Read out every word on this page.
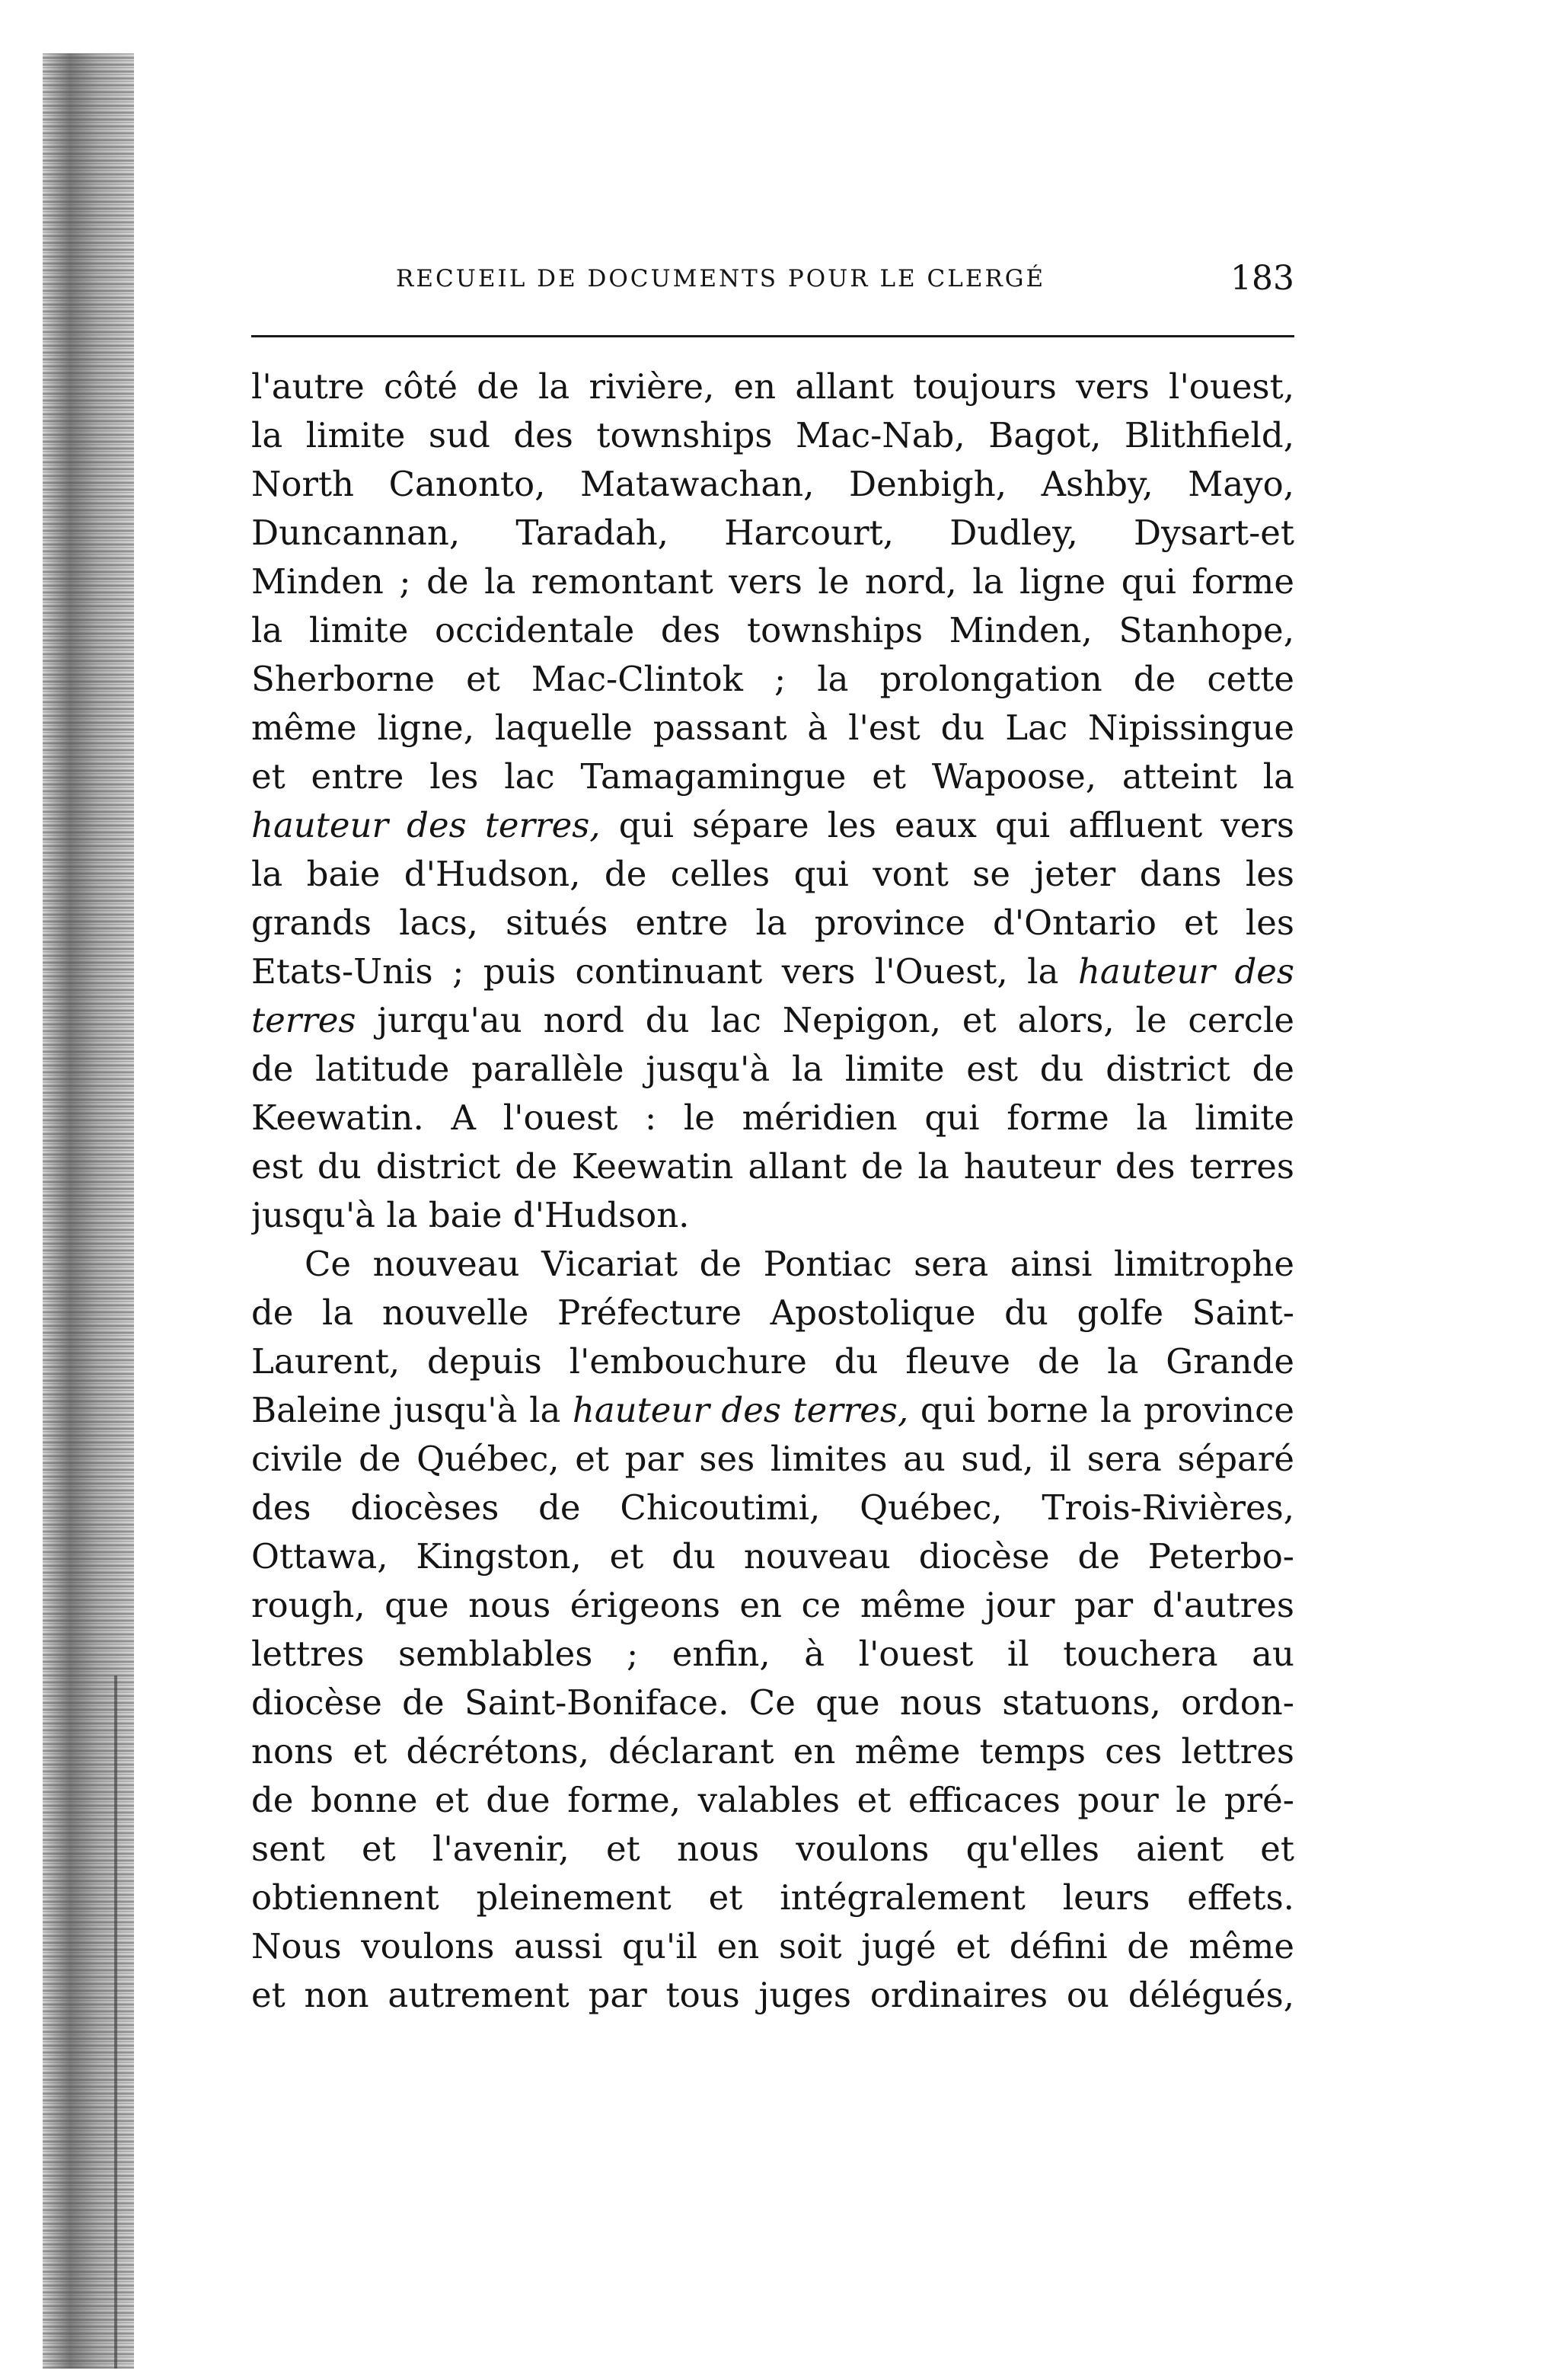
RECUEIL DE DOCUMENTS POUR LE CLERGÉ	183
l'autre côté de la rivière, en allant toujours vers l'ouest,
la limite sud des townships Mac-Nab, Bagot, Blithfield,
North Canonto, Matawachan, Denbigh, Ashby, Mayo,
Duncannan, Taradah, Harcourt, Dudley, Dysart-et
Minden ; de la remontant vers le nord, la ligne qui forme
la limite occidentale des townships Minden, Stanhope,
Sherborne et Mac-Clintok ; la prolongation de cette
même ligne, laquelle passant à l'est du Lac Nipissingue
et entre les lac Tamagamingue et Wapoose, atteint la
hauteur des terres, qui sépare les eaux qui affluent vers
la baie d'Hudson, de celles qui vont se jeter dans les
grands lacs, situés entre la province d'Ontario et les
Etats-Unis ; puis continuant vers l'Ouest, la hauteur des
terres jurqu'au nord du lac Nepigon, et alors, le cercle
de latitude parallèle jusqu'à la limite est du district de
Keewatin. A l'ouest : le méridien qui forme la limite
est du district de Keewatin allant de la hauteur des terres
jusqu'à la baie d'Hudson.
Ce nouveau Vicariat de Pontiac sera ainsi limitrophe
de la nouvelle Préfecture Apostolique du golfe Saint-
Laurent, depuis l'embouchure du fleuve de la Grande
Baleine jusqu'à la hauteur des terres, qui borne la province
civile de Québec, et par ses limites au sud, il sera séparé
des diocèses de Chicoutimi, Québec, Trois-Rivières,
Ottawa, Kingston, et du nouveau diocèse de Peterbo-
rough, que nous érigeons en ce même jour par d'autres
lettres semblables ; enfin, à l'ouest il touchera au
diocèse de Saint-Boniface. Ce que nous statuons, ordon-
nons et décrétons, déclarant en même temps ces lettres
de bonne et due forme, valables et efficaces pour le pré-
sent et l'avenir, et nous voulons qu'elles aient et
obtiennent pleinement et intégralement leurs effets.
Nous voulons aussi qu'il en soit jugé et défini de même
et non autrement par tous juges ordinaires ou délégués,
